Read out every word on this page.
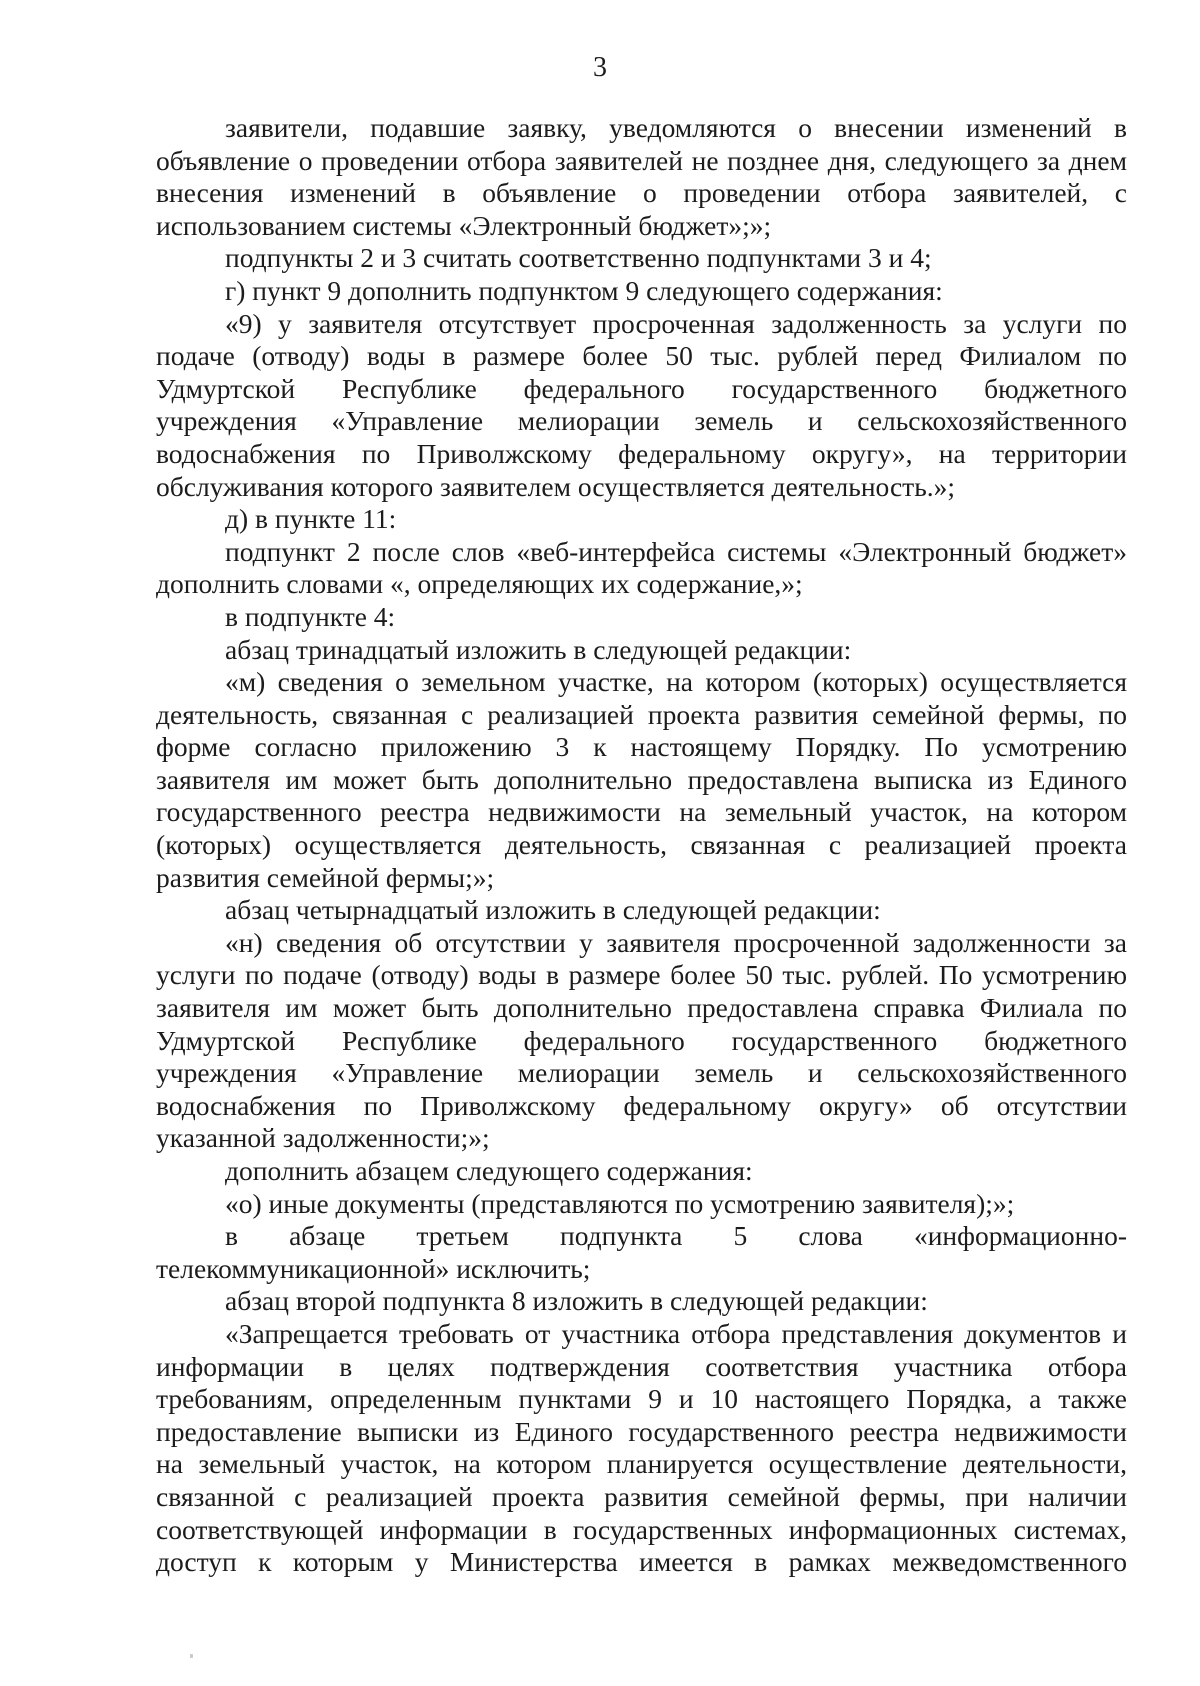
3
заявители, подавшие заявку, уведомляются о внесении изменений в
объявление о проведении отбора заявителей не позднее дня, следующего за днем
внесения изменений в объявление о проведении отбора заявителей, с
использованием системы «Электронный бюджет»;»;
подпункты 2 и 3 считать соответственно подпунктами 3 и 4;
г) пункт 9 дополнить подпунктом 9 следующего содержания:
«9) у заявителя отсутствует просроченная задолженность за услуги по
подаче (отводу) воды в размере более 50 тыс. рублей перед Филиалом по
Удмуртской Республике федерального государственного бюджетного
учреждения «Управление мелиорации земель и сельскохозяйственного
водоснабжения по Приволжскому федеральному округу», на территории
обслуживания которого заявителем осуществляется деятельность.»;
д) в пункте 11:
подпункт 2 после слов «веб-интерфейса системы «Электронный бюджет»
дополнить словами «, определяющих их содержание,»;
в подпункте 4:
абзац тринадцатый изложить в следующей редакции:
«м) сведения о земельном участке, на котором (которых) осуществляется
деятельность, связанная с реализацией проекта развития семейной фермы, по
форме согласно приложению 3 к настоящему Порядку. По усмотрению
заявителя им может быть дополнительно предоставлена выписка из Единого
государственного реестра недвижимости на земельный участок, на котором
(которых) осуществляется деятельность, связанная с реализацией проекта
развития семейной фермы;»;
абзац четырнадцатый изложить в следующей редакции:
«н) сведения об отсутствии у заявителя просроченной задолженности за
услуги по подаче (отводу) воды в размере более 50 тыс. рублей. По усмотрению
заявителя им может быть дополнительно предоставлена справка Филиала по
Удмуртской Республике федерального государственного бюджетного
учреждения «Управление мелиорации земель и сельскохозяйственного
водоснабжения по Приволжскому федеральному округу» об отсутствии
указанной задолженности;»;
дополнить абзацем следующего содержания:
«о) иные документы (представляются по усмотрению заявителя);»;
в абзаце третьем подпункта 5 слова «информационно-
телекоммуникационной» исключить;
абзац второй подпункта 8 изложить в следующей редакции:
«Запрещается требовать от участника отбора представления документов и
информации в целях подтверждения соответствия участника отбора
требованиям, определенным пунктами 9 и 10 настоящего Порядка, а также
предоставление выписки из Единого государственного реестра недвижимости
на земельный участок, на котором планируется осуществление деятельности,
связанной с реализацией проекта развития семейной фермы, при наличии
соответствующей информации в государственных информационных системах,
доступ к которым у Министерства имеется в рамках межведомственного
